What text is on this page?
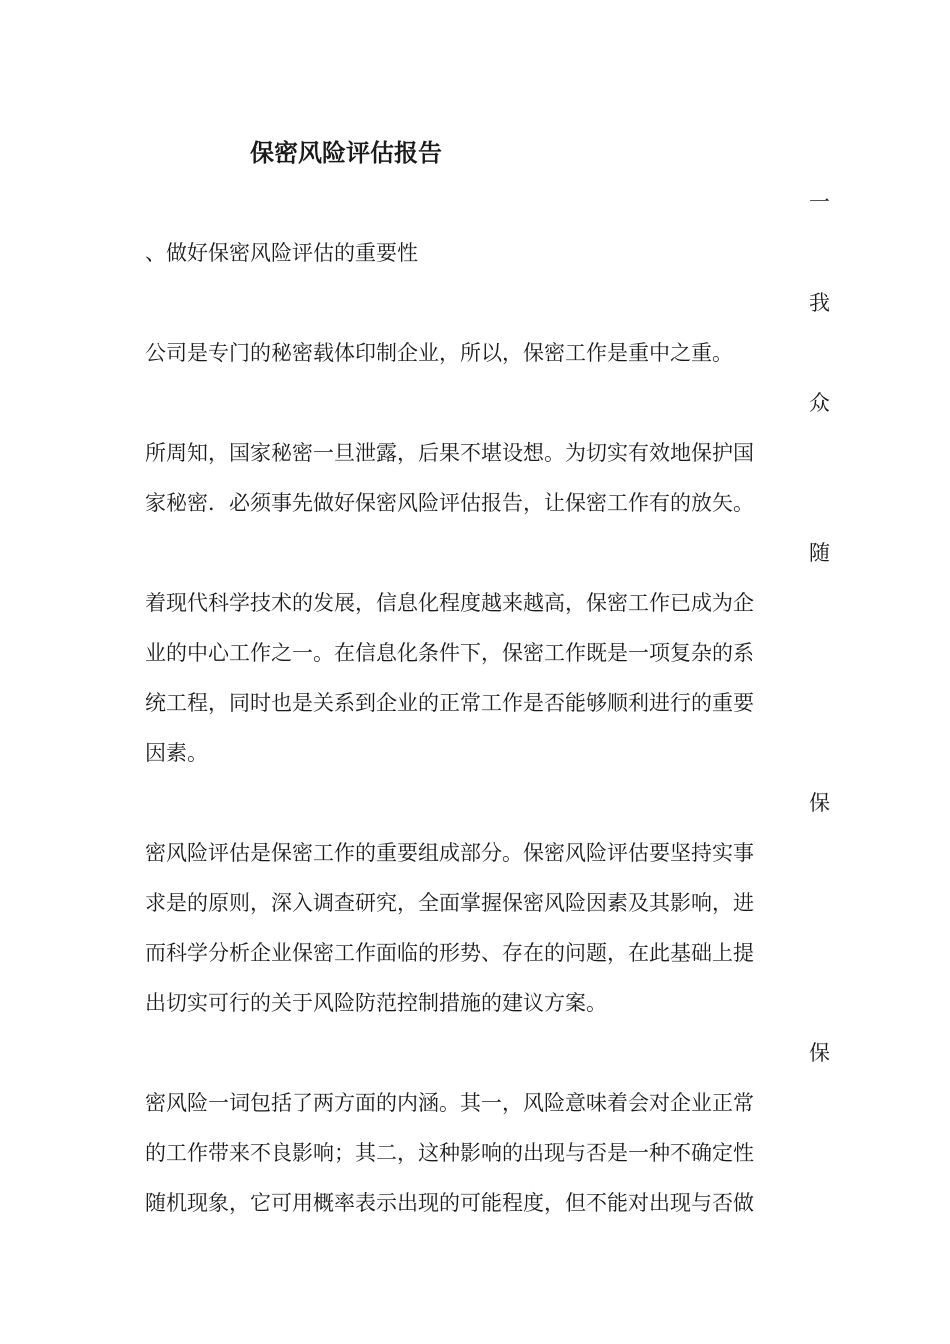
保密风险评估报告
一
、做好保密风险评估的重要性
我
公司是专门的秘密载体印制企业，所以，保密工作是重中之重。
众
所周知，国家秘密一旦泄露，后果不堪设想。为切实有效地保护国
家秘密．必须事先做好保密风险评估报告，让保密工作有的放矢。
随
着现代科学技术的发展，信息化程度越来越高，保密工作已成为企
业的中心工作之一。在信息化条件下，保密工作既是一项复杂的系
统工程，同时也是关系到企业的正常工作是否能够顺利进行的重要
因素。
保
密风险评估是保密工作的重要组成部分。保密风险评估要坚持实事
求是的原则，深入调查研究，全面掌握保密风险因素及其影响，进
而科学分析企业保密工作面临的形势、存在的问题，在此基础上提
出切实可行的关于风险防范控制措施的建议方案。
保
密风险一词包括了两方面的内涵。其一，风险意味着会对企业正常
的工作带来不良影响；其二，这种影响的出现与否是一种不确定性
随机现象，它可用概率表示出现的可能程度，但不能对出现与否做
